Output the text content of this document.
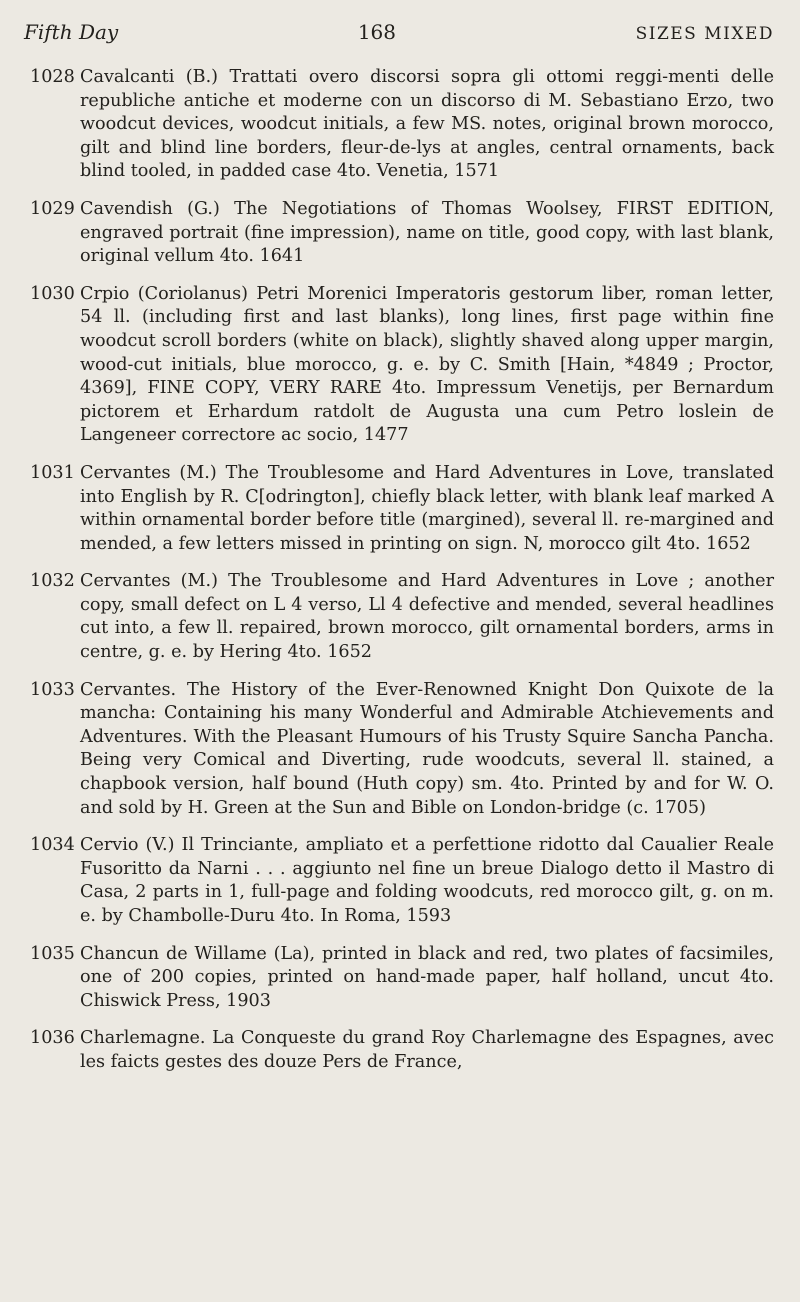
Fifth Day	168	SIZES MIXED
1028 Cavalcanti (B.) Trattati overo discorsi sopra gli ottomi reggi-menti delle republiche antiche et moderne con un discorso di M. Sebastiano Erzo, two woodcut devices, woodcut initials, a few MS. notes, original brown morocco, gilt and blind line borders, fleur-de-lys at angles, central ornaments, back blind tooled, in padded case 4to. Venetia, 1571
1029 Cavendish (G.) The Negotiations of Thomas Woolsey, FIRST EDITION, engraved portrait (fine impression), name on title, good copy, with last blank, original vellum 4to. 1641
1030 Crpio (Coriolanus) Petri Morenici Imperatoris gestorum liber, roman letter, 54 ll. (including first and last blanks), long lines, first page within fine woodcut scroll borders (white on black), slightly shaved along upper margin, wood-cut initials, blue morocco, g. e. by C. Smith [Hain, *4849 ; Proctor, 4369], FINE COPY, VERY RARE 4to. Impressum Venetijs, per Bernardum pictorem et Erhardum ratdolt de Augusta una cum Petro loslein de Langeneer correctore ac socio, 1477
1031 Cervantes (M.) The Troublesome and Hard Adventures in Love, translated into English by R. C[odrington], chiefly black letter, with blank leaf marked A within ornamental border before title (margined), several ll. re-margined and mended, a few letters missed in printing on sign. N, morocco gilt 4to. 1652
1032 Cervantes (M.) The Troublesome and Hard Adventures in Love ; another copy, small defect on L 4 verso, Ll 4 defective and mended, several headlines cut into, a few ll. repaired, brown morocco, gilt ornamental borders, arms in centre, g. e. by Hering 4to. 1652
1033 Cervantes. The History of the Ever-Renowned Knight Don Quixote de la mancha: Containing his many Wonderful and Admirable Atchievements and Adventures. With the Pleasant Humours of his Trusty Squire Sancha Pancha. Being very Comical and Diverting, rude woodcuts, several ll. stained, a chapbook version, half bound (Huth copy) sm. 4to. Printed by and for W. O. and sold by H. Green at the Sun and Bible on London-bridge (c. 1705)
1034 Cervio (V.) Il Trinciante, ampliato et a perfettione ridotto dal Caualier Reale Fusoritto da Narni . . . aggiunto nel fine un breue Dialogo detto il Mastro di Casa, 2 parts in 1, full-page and folding woodcuts, red morocco gilt, g. on m. e. by Chambolle-Duru 4to. In Roma, 1593
1035 Chancun de Willame (La), printed in black and red, two plates of facsimiles, one of 200 copies, printed on hand-made paper, half holland, uncut 4to. Chiswick Press, 1903
1036 Charlemagne. La Conqueste du grand Roy Charlemagne des Espagnes, avec les faicts gestes des douze Pers de France,
